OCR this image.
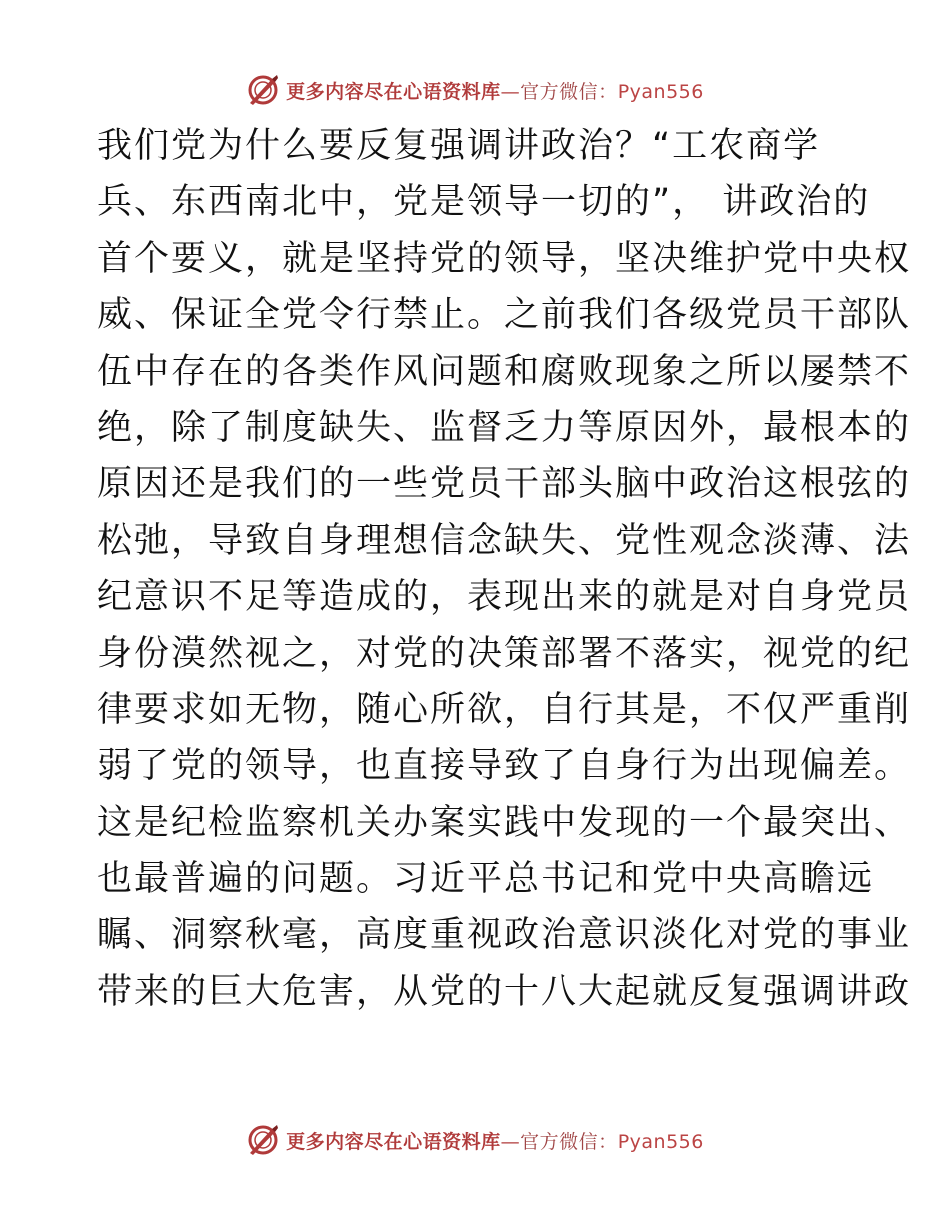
更多内容尽在心语资料库—官方微信：Pyan556
我们党为什么要反复强调讲政治？“工农商学
兵、东西南北中，党是领导一切的”， 讲政治的
首个要义，就是坚持党的领导，坚决维护党中央权
威、保证全党令行禁止。之前我们各级党员干部队
伍中存在的各类作风问题和腐败现象之所以屡禁不
绝，除了制度缺失、监督乏力等原因外，最根本的
原因还是我们的一些党员干部头脑中政治这根弦的
松弛，导致自身理想信念缺失、党性观念淡薄、法
纪意识不足等造成的，表现出来的就是对自身党员
身份漠然视之，对党的决策部署不落实，视党的纪
律要求如无物，随心所欲，自行其是，不仅严重削
弱了党的领导，也直接导致了自身行为出现偏差。
这是纪检监察机关办案实践中发现的一个最突出、
也最普遍的问题。习近平总书记和党中央高瞻远
瞩、洞察秋毫，高度重视政治意识淡化对党的事业
带来的巨大危害，从党的十八大起就反复强调讲政
更多内容尽在心语资料库—官方微信：Pyan556
